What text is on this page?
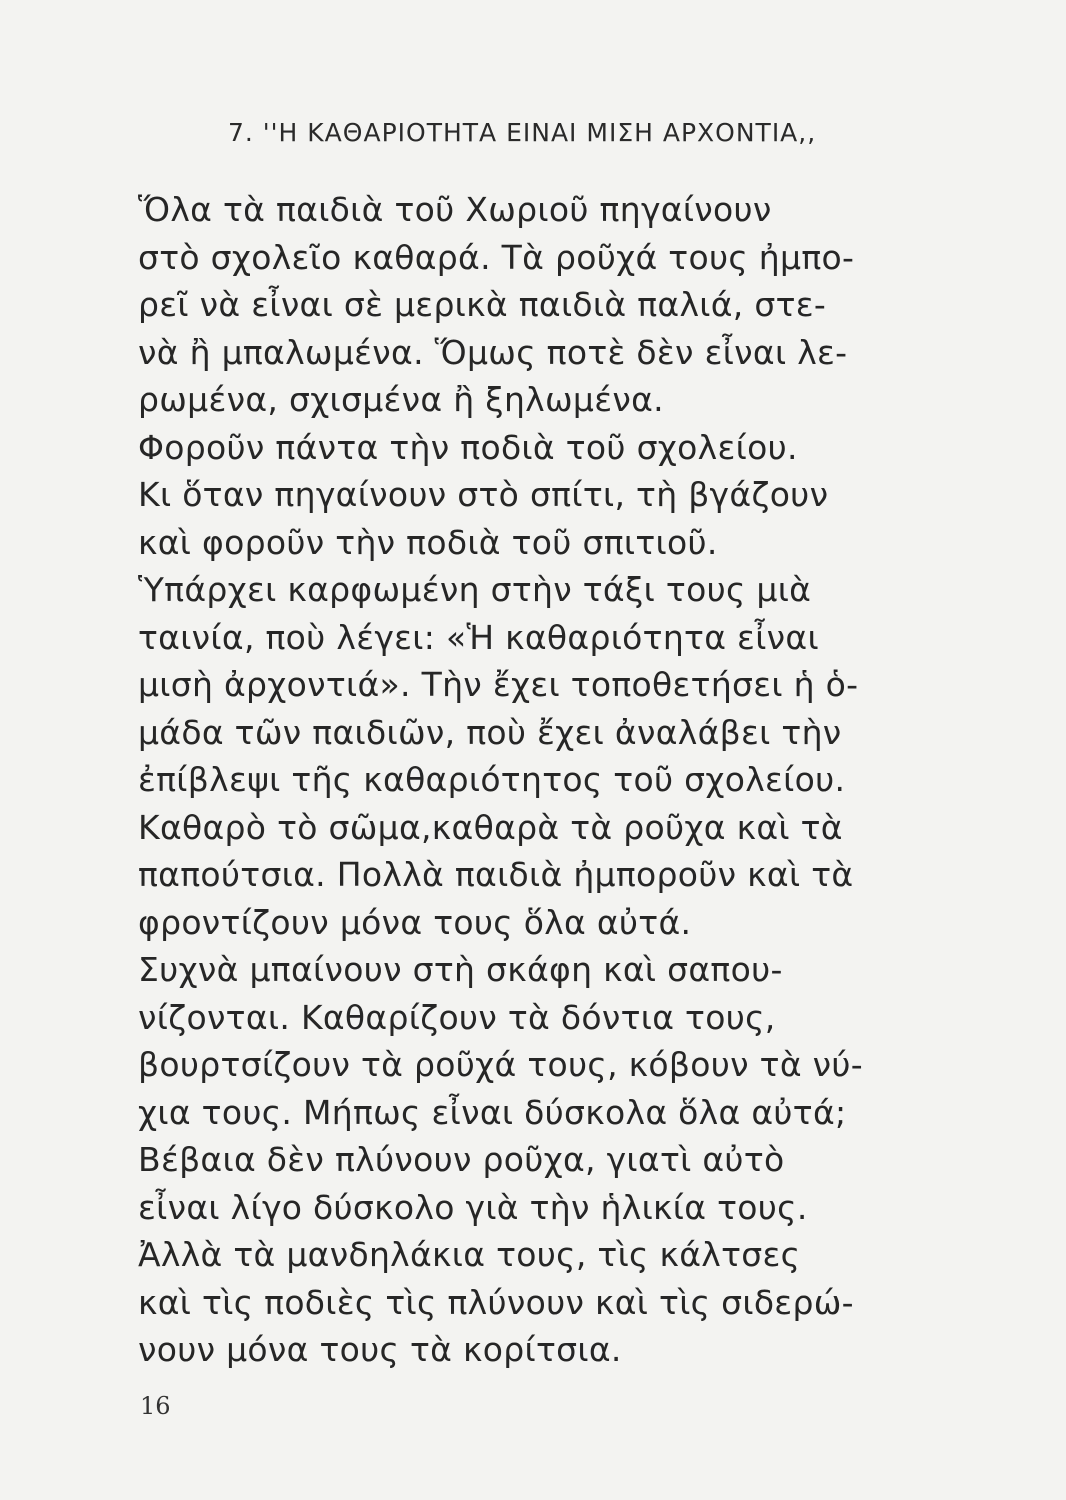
7. ''Η ΚΑΘΑΡΙΟΤΗΤΑ ΕΙΝΑΙ ΜΙΣΗ ΑΡΧΟΝΤΙΑ,,
Ὅλα τὰ παιδιὰ τοῦ Χωριοῦ πηγαίνουν
στὸ σχολεῖο καθαρά. Τὰ ροῦχά τους ἠμπο-
ρεῖ νὰ εἶναι σὲ μερικὰ παιδιὰ παλιά, στε-
νὰ ἢ μπαλωμένα. Ὅμως ποτὲ δὲν εἶναι λε-
ρωμένα, σχισμένα ἢ ξηλωμένα.
Φοροῦν πάντα τὴν ποδιὰ τοῦ σχολείου.
Κι ὅταν πηγαίνουν στὸ σπίτι, τὴ βγάζουν
καὶ φοροῦν τὴν ποδιὰ τοῦ σπιτιοῦ.
Ὑπάρχει καρφωμένη στὴν τάξι τους μιὰ
ταινία, ποὺ λέγει: «Ἡ καθαριότητα εἶναι
μισὴ ἀρχοντιά». Τὴν ἔχει τοποθετήσει ἡ ὁ-
μάδα τῶν παιδιῶν, ποὺ ἔχει ἀναλάβει τὴν
ἐπίβλεψι τῆς καθαριότητος τοῦ σχολείου.
Καθαρὸ τὸ σῶμα,καθαρὰ τὰ ροῦχα καὶ τὰ
παπούτσια. Πολλὰ παιδιὰ ἠμποροῦν καὶ τὰ
φροντίζουν μόνα τους ὅλα αὐτά.
Συχνὰ μπαίνουν στὴ σκάφη καὶ σαπου-
νίζονται. Καθαρίζουν τὰ δόντια τους,
βουρτσίζουν τὰ ροῦχά τους, κόβουν τὰ νύ-
χια τους. Μήπως εἶναι δύσκολα ὅλα αὐτά;
Βέβαια δὲν πλύνουν ροῦχα, γιατὶ αὐτὸ
εἶναι λίγο δύσκολο γιὰ τὴν ἡλικία τους.
Ἀλλὰ τὰ μανδηλάκια τους, τὶς κάλτσες
καὶ τὶς ποδιὲς τὶς πλύνουν καὶ τὶς σιδερώ-
νουν μόνα τους τὰ κορίτσια.
16
